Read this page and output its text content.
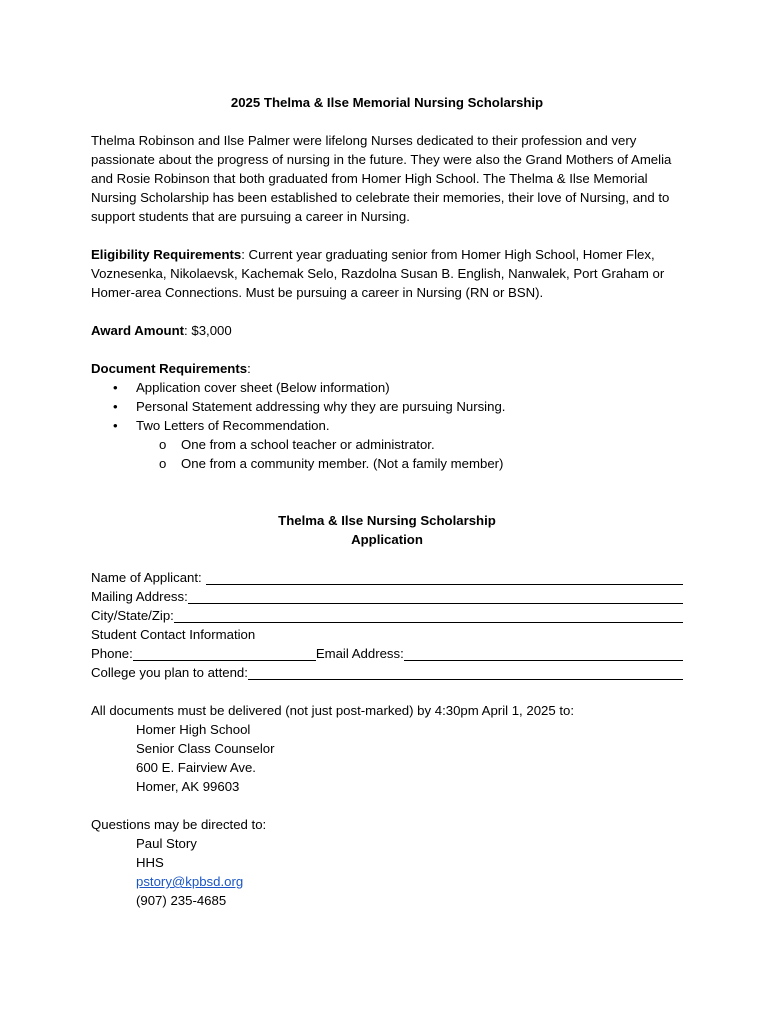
2025 Thelma & Ilse Memorial Nursing Scholarship

Thelma Robinson and Ilse Palmer were lifelong Nurses dedicated to their profession and very passionate about the progress of nursing in the future. They were also the Grand Mothers of Amelia and Rosie Robinson that both graduated from Homer High School. The Thelma & Ilse Memorial Nursing Scholarship has been established to celebrate their memories, their love of Nursing, and to support students that are pursuing a career in Nursing.

Eligibility Requirements: Current year graduating senior from Homer High School, Homer Flex, Voznesenka, Nikolaevsk, Kachemak Selo, Razdolna Susan B. English, Nanwalek, Port Graham or Homer-area Connections. Must be pursuing a career in Nursing (RN or BSN).

Award Amount: $3,000

Document Requirements:

• Application cover sheet (Below information)
• Personal Statement addressing why they are pursuing Nursing.
• Two Letters of Recommendation.
o One from a school teacher or administrator.
o One from a community member. (Not a family member)

Thelma & Ilse Nursing Scholarship

Application

Name of Applicant:
Mailing Address:
City/State/Zip:
Student Contact Information
Phone:	Email Address:
College you plan to attend:

All documents must be delivered (not just post-marked) by 4:30pm April 1, 2025 to:

Homer High School

Senior Class Counselor

600 E. Fairview Ave.

Homer, AK 99603

Questions may be directed to:

Paul Story

HHS

pstory@kpbsd.org

(907) 235-4685
